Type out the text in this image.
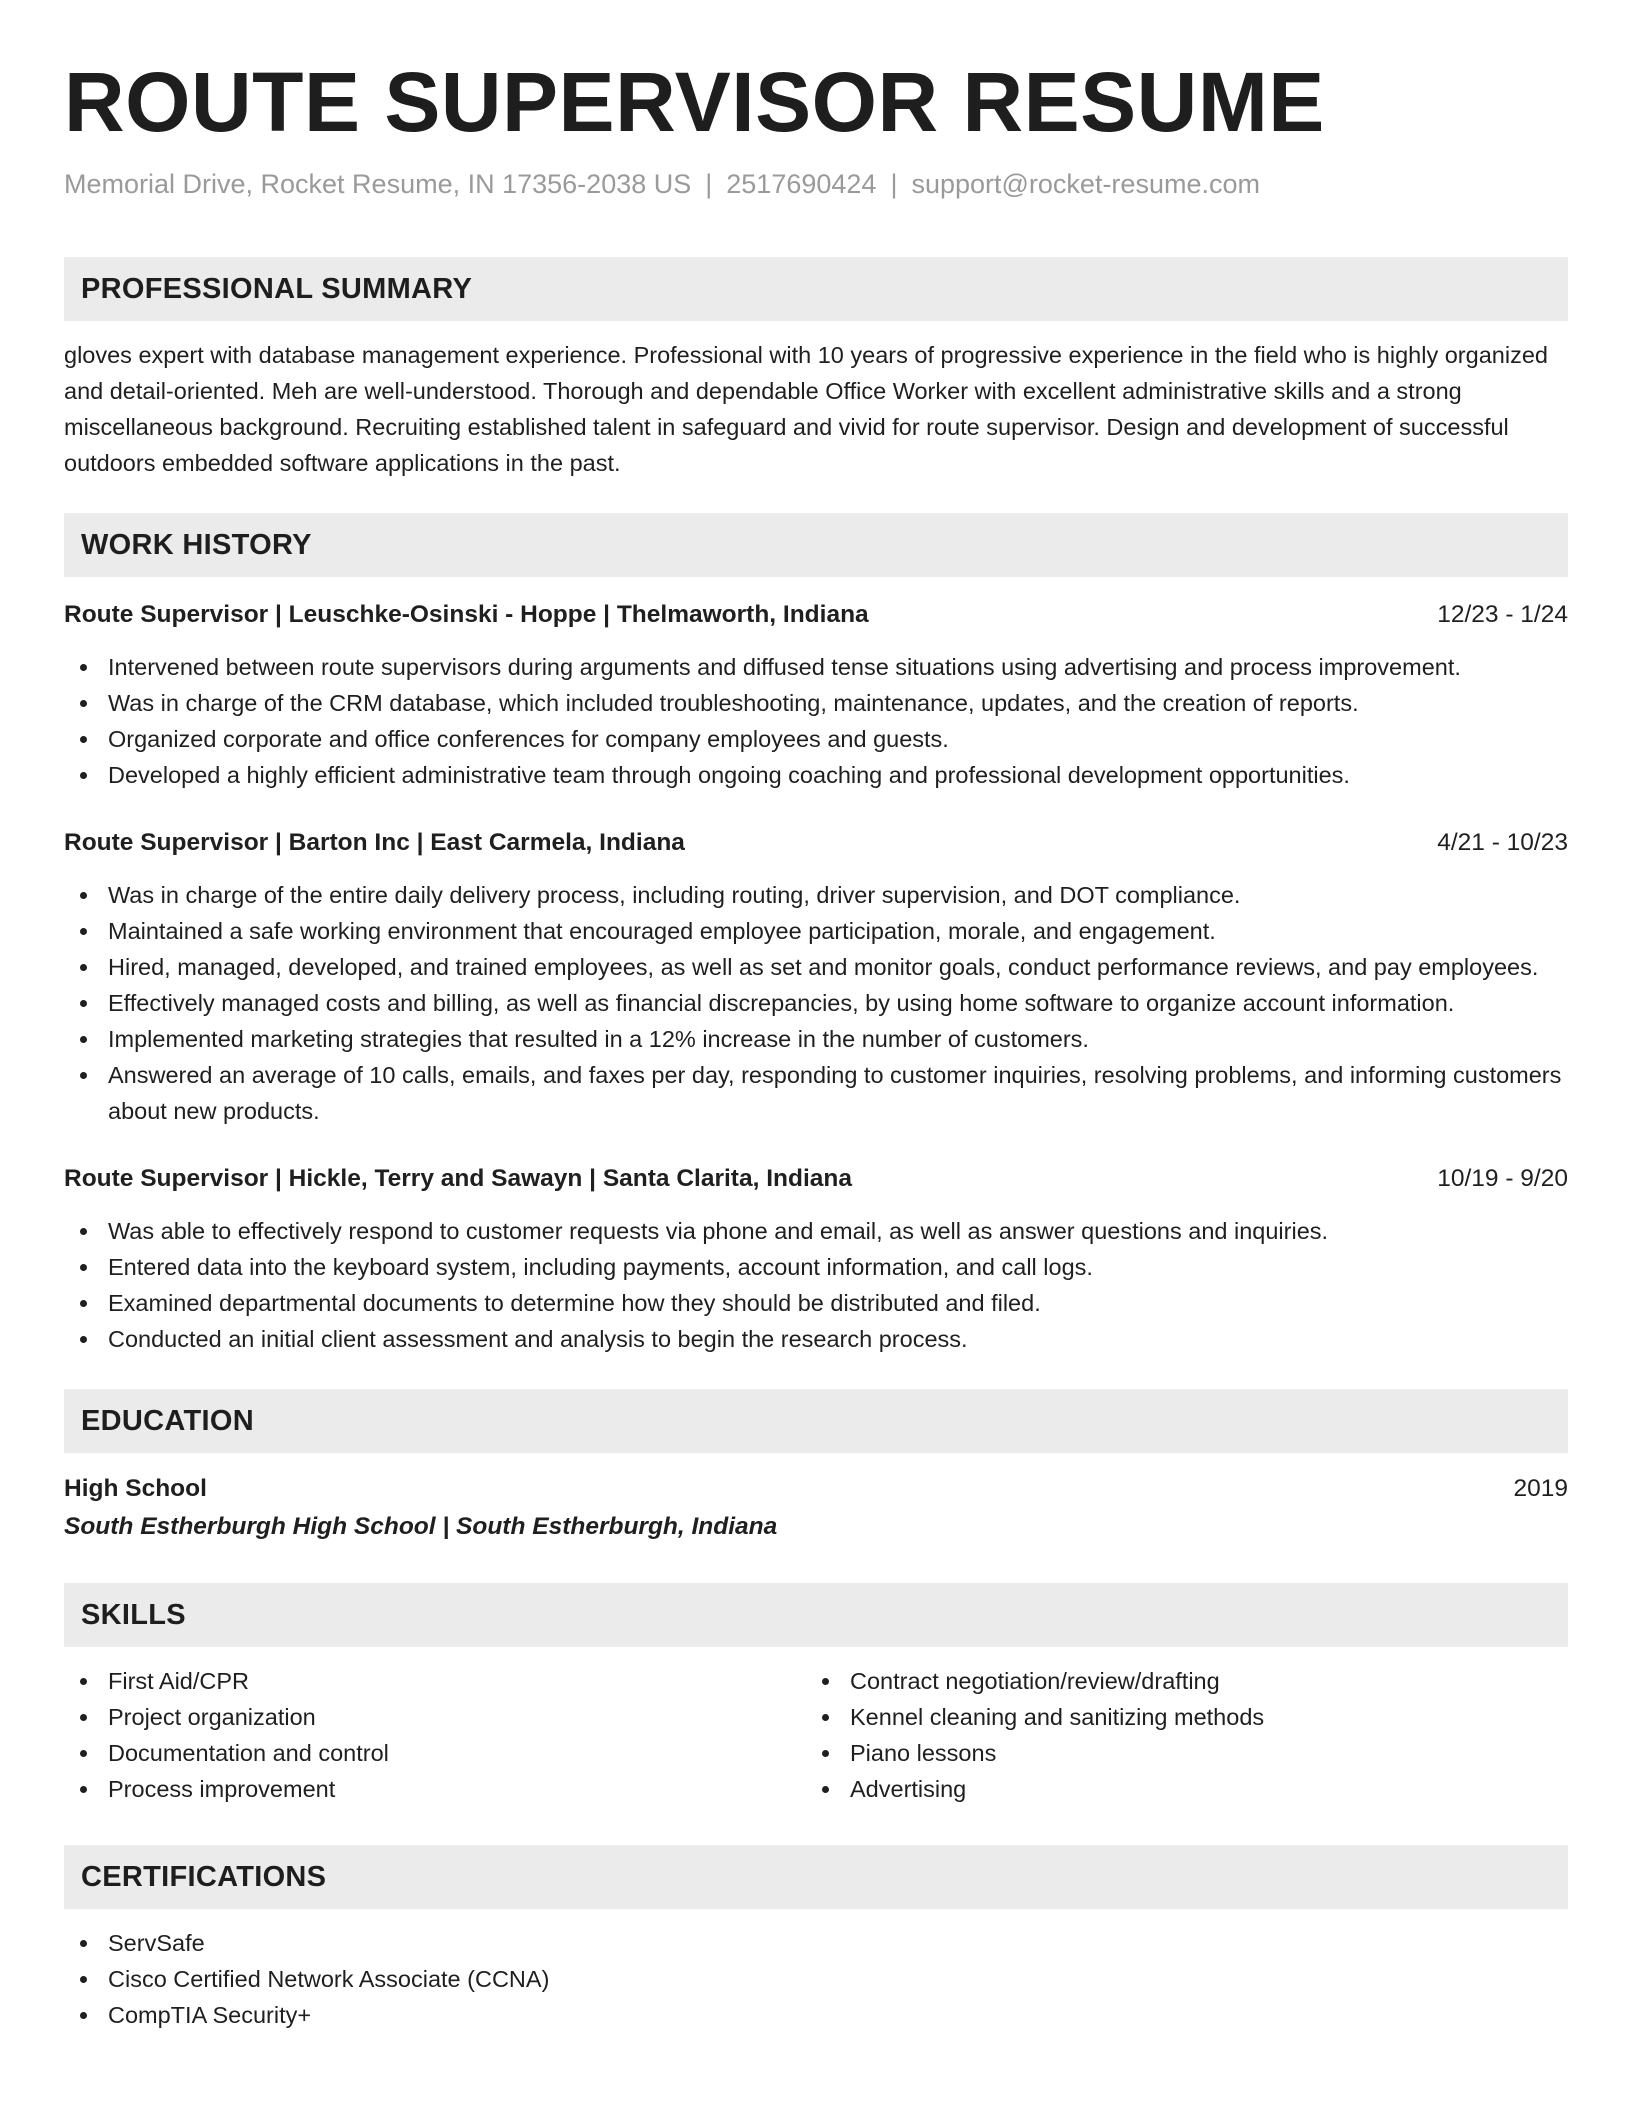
ROUTE SUPERVISOR RESUME
Memorial Drive, Rocket Resume, IN 17356-2038 US | 2517690424 | support@rocket-resume.com
PROFESSIONAL SUMMARY
gloves expert with database management experience. Professional with 10 years of progressive experience in the field who is highly organized and detail-oriented. Meh are well-understood. Thorough and dependable Office Worker with excellent administrative skills and a strong miscellaneous background. Recruiting established talent in safeguard and vivid for route supervisor. Design and development of successful outdoors embedded software applications in the past.
WORK HISTORY
Route Supervisor | Leuschke-Osinski - Hoppe | Thelmaworth, Indiana	12/23 - 1/24
Intervened between route supervisors during arguments and diffused tense situations using advertising and process improvement.
Was in charge of the CRM database, which included troubleshooting, maintenance, updates, and the creation of reports.
Organized corporate and office conferences for company employees and guests.
Developed a highly efficient administrative team through ongoing coaching and professional development opportunities.
Route Supervisor | Barton Inc | East Carmela, Indiana	4/21 - 10/23
Was in charge of the entire daily delivery process, including routing, driver supervision, and DOT compliance.
Maintained a safe working environment that encouraged employee participation, morale, and engagement.
Hired, managed, developed, and trained employees, as well as set and monitor goals, conduct performance reviews, and pay employees.
Effectively managed costs and billing, as well as financial discrepancies, by using home software to organize account information.
Implemented marketing strategies that resulted in a 12% increase in the number of customers.
Answered an average of 10 calls, emails, and faxes per day, responding to customer inquiries, resolving problems, and informing customers about new products.
Route Supervisor | Hickle, Terry and Sawayn | Santa Clarita, Indiana	10/19 - 9/20
Was able to effectively respond to customer requests via phone and email, as well as answer questions and inquiries.
Entered data into the keyboard system, including payments, account information, and call logs.
Examined departmental documents to determine how they should be distributed and filed.
Conducted an initial client assessment and analysis to begin the research process.
EDUCATION
High School	2019
South Estherburgh High School | South Estherburgh, Indiana
SKILLS
First Aid/CPR
Project organization
Documentation and control
Process improvement
Contract negotiation/review/drafting
Kennel cleaning and sanitizing methods
Piano lessons
Advertising
CERTIFICATIONS
ServSafe
Cisco Certified Network Associate (CCNA)
CompTIA Security+
